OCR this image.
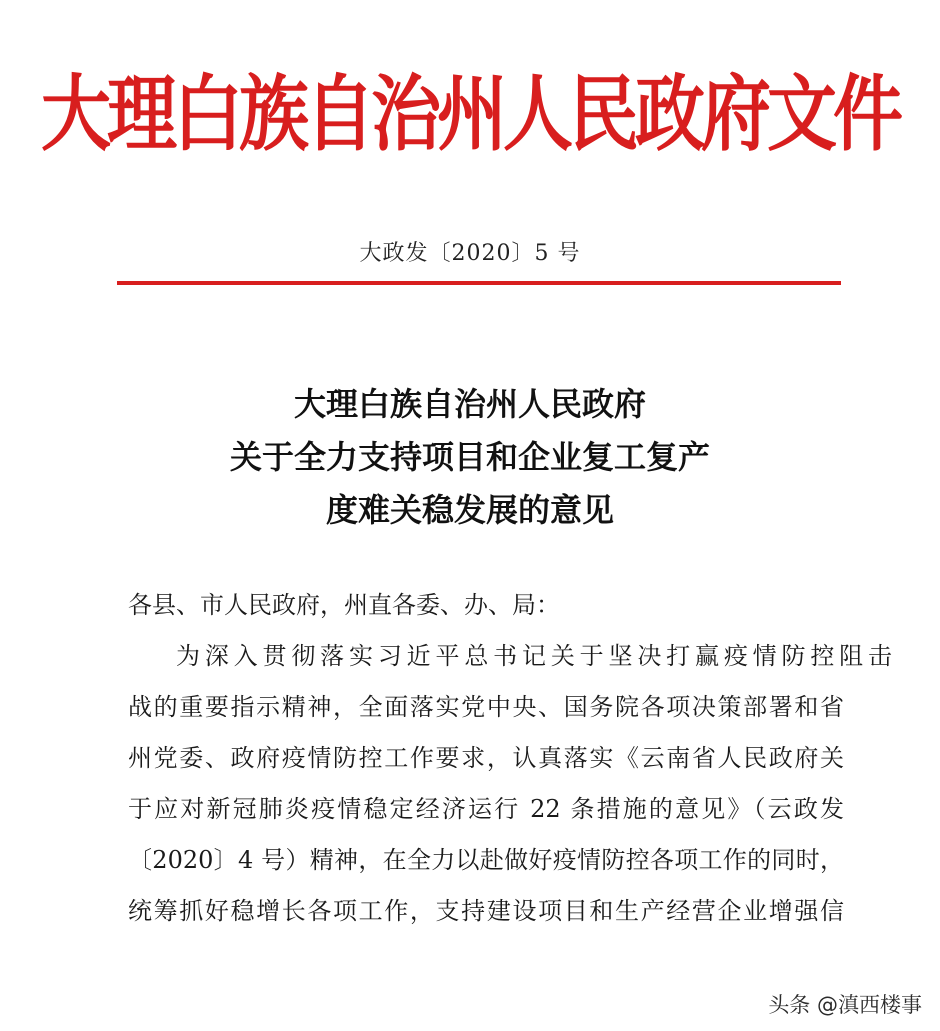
大理白族自治州人民政府文件
大政发〔2020〕5 号
大理白族自治州人民政府
关于全力支持项目和企业复工复产
度难关稳发展的意见
各县、市人民政府，州直各委、办、局：
为深入贯彻落实习近平总书记关于坚决打赢疫情防控阻击
战的重要指示精神，全面落实党中央、国务院各项决策部署和省
州党委、政府疫情防控工作要求，认真落实《云南省人民政府关
于应对新冠肺炎疫情稳定经济运行 22 条措施的意见》（云政发
〔2020〕4 号）精神，在全力以赴做好疫情防控各项工作的同时，
统筹抓好稳增长各项工作，支持建设项目和生产经营企业增强信
头条 @滇西楼事
